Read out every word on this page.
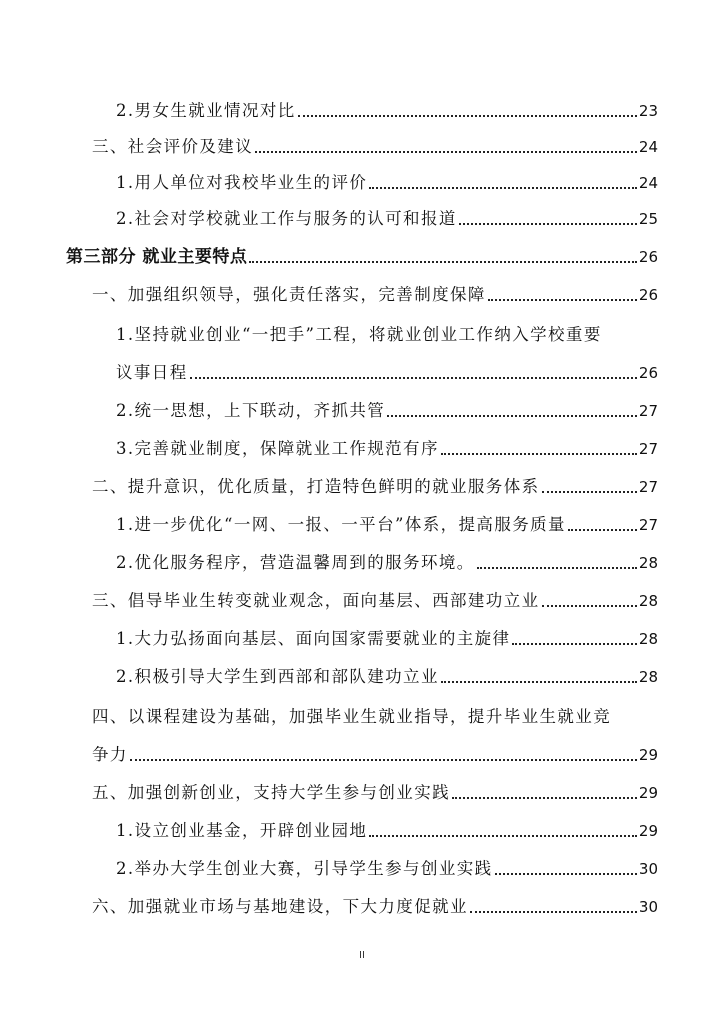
2.男女生就业情况对比	23
三、社会评价及建议	24
1.用人单位对我校毕业生的评价	24
2.社会对学校就业工作与服务的认可和报道	25
第三部分 就业主要特点	26
一、加强组织领导，强化责任落实，完善制度保障	26
1.坚持就业创业“一把手”工程，将就业创业工作纳入学校重要
议事日程	26
2.统一思想，上下联动，齐抓共管	27
3.完善就业制度，保障就业工作规范有序	27
二、提升意识，优化质量，打造特色鲜明的就业服务体系	27
1.进一步优化“一网、一报、一平台”体系，提高服务质量	27
2.优化服务程序，营造温馨周到的服务环境。	28
三、倡导毕业生转变就业观念，面向基层、西部建功立业	28
1.大力弘扬面向基层、面向国家需要就业的主旋律	28
2.积极引导大学生到西部和部队建功立业	28
四、以课程建设为基础，加强毕业生就业指导，提升毕业生就业竞
争力	29
五、加强创新创业，支持大学生参与创业实践	29
1.设立创业基金，开辟创业园地	29
2.举办大学生创业大赛，引导学生参与创业实践	30
六、加强就业市场与基地建设，下大力度促就业	30
II
